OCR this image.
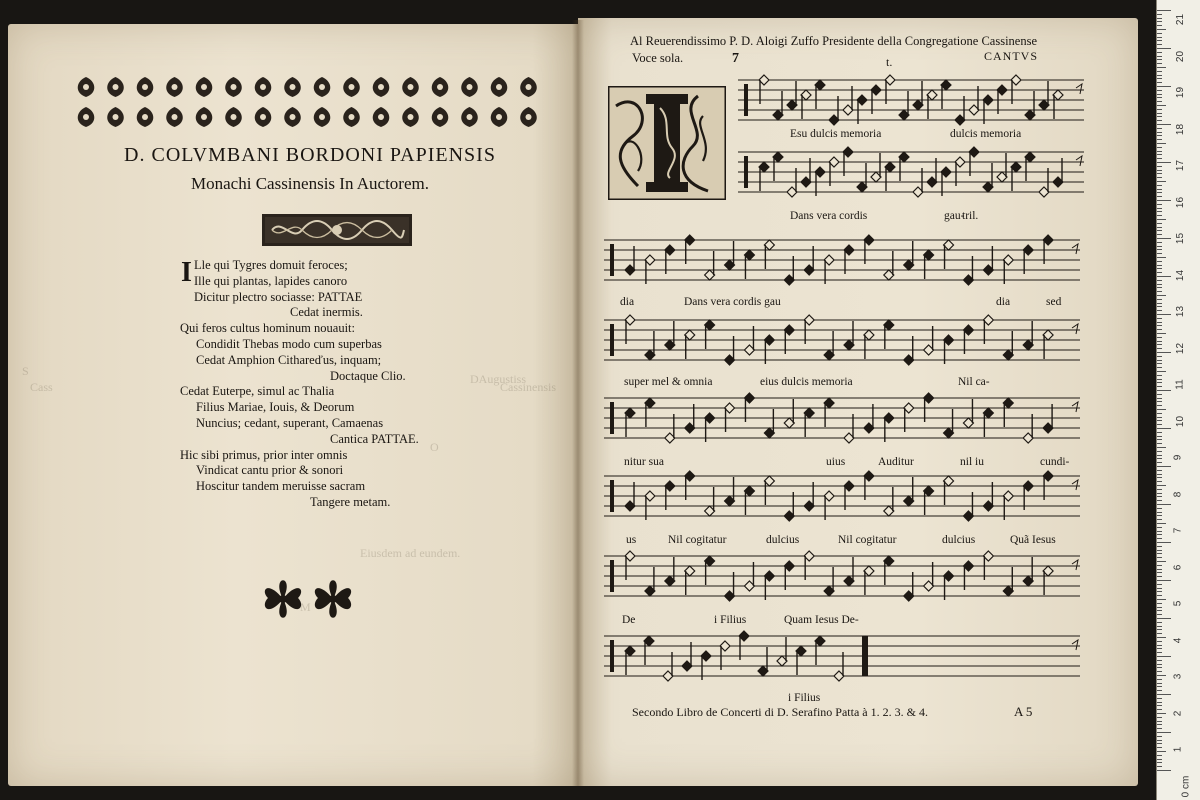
D. COLVMBANI BORDONI PAPIENSIS
Monachi Cassinensis In Auctorem.
I Lle qui Tygres domuit feroces;
Ille qui plantas, lapides canoro
Dicitur plectro sociasse: PATTAE
Cedat inermis.
Qui feros cultus hominum nouauit:
Condidit Thebas modo cum superbas
Cedat Amphion Cithareďus, inquam;
Doctaque Clio.
Cedat Euterpe, simul ac Thalia
Filius Mariae, Iouis, & Deorum
Nuncius; cedant, superant, Camaenas
Cantica PATTAE.
Hic sibi primus, prior inter omnis
Vindicat cantu prior & sonori
Hoscitur tandem meruisse sacram
Tangere metam.
Al Reuerendissimo P. D. Aloigi Zuffo Presidente della Congregatione Cassinense
Voce sola.	7	t.	CANTVS
Esu dulcis memoria	dulcis memoria
Dans vera cordis	gau-
tril.
dia	Dans vera cordis gau	dia	sed
super mel & omnia	eius dulcis memoria	Nil ca-
nitur sua	uius	Auditur	nil iu	cundi-
us	Nil cogitatur	dulcius	Nil cogitatur	dulcius	Quã Iesus
De	i Filius	Quam Iesus De-
i Filius
Secondo Libro de Concerti di D. Serafino Patta à 1. 2. 3. & 4.	A 5
21
20
19
18
17
16
15
14
13
12
11
10
9
8
7
6
5
4
3
2
1
0 cm
S
Cass
DAugustiss
Cassinensis
Eiusdem ad eundem.
M
O
